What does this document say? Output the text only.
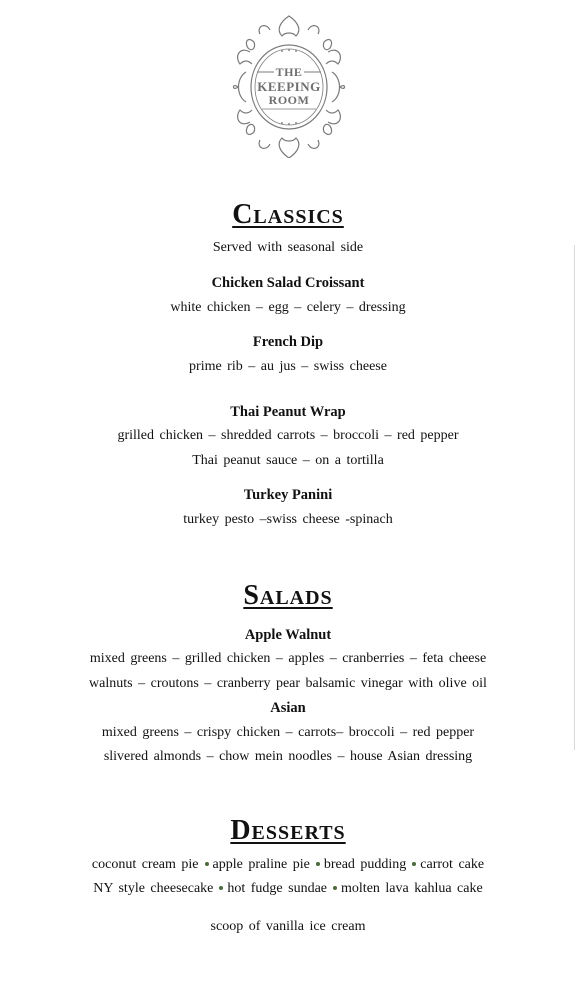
THE
KEEPING
ROOM
Classics
Served with seasonal side
Chicken Salad Croissant
white chicken – egg – celery – dressing
French Dip
prime rib – au jus – swiss cheese
Thai Peanut Wrap
grilled chicken – shredded carrots – broccoli – red pepper
Thai peanut sauce – on a tortilla
Turkey Panini
turkey pesto –swiss cheese -spinach
Salads
Apple Walnut
mixed greens – grilled chicken – apples – cranberries – feta cheese
walnuts – croutons – cranberry pear balsamic vinegar with olive oil
Asian
mixed greens – crispy chicken – carrots– broccoli – red pepper
slivered almonds – chow mein noodles – house Asian dressing
Desserts
coconut cream pie apple praline pie bread pudding carrot cake
NY style cheesecake hot fudge sundae molten lava kahlua cake
scoop of vanilla ice cream
